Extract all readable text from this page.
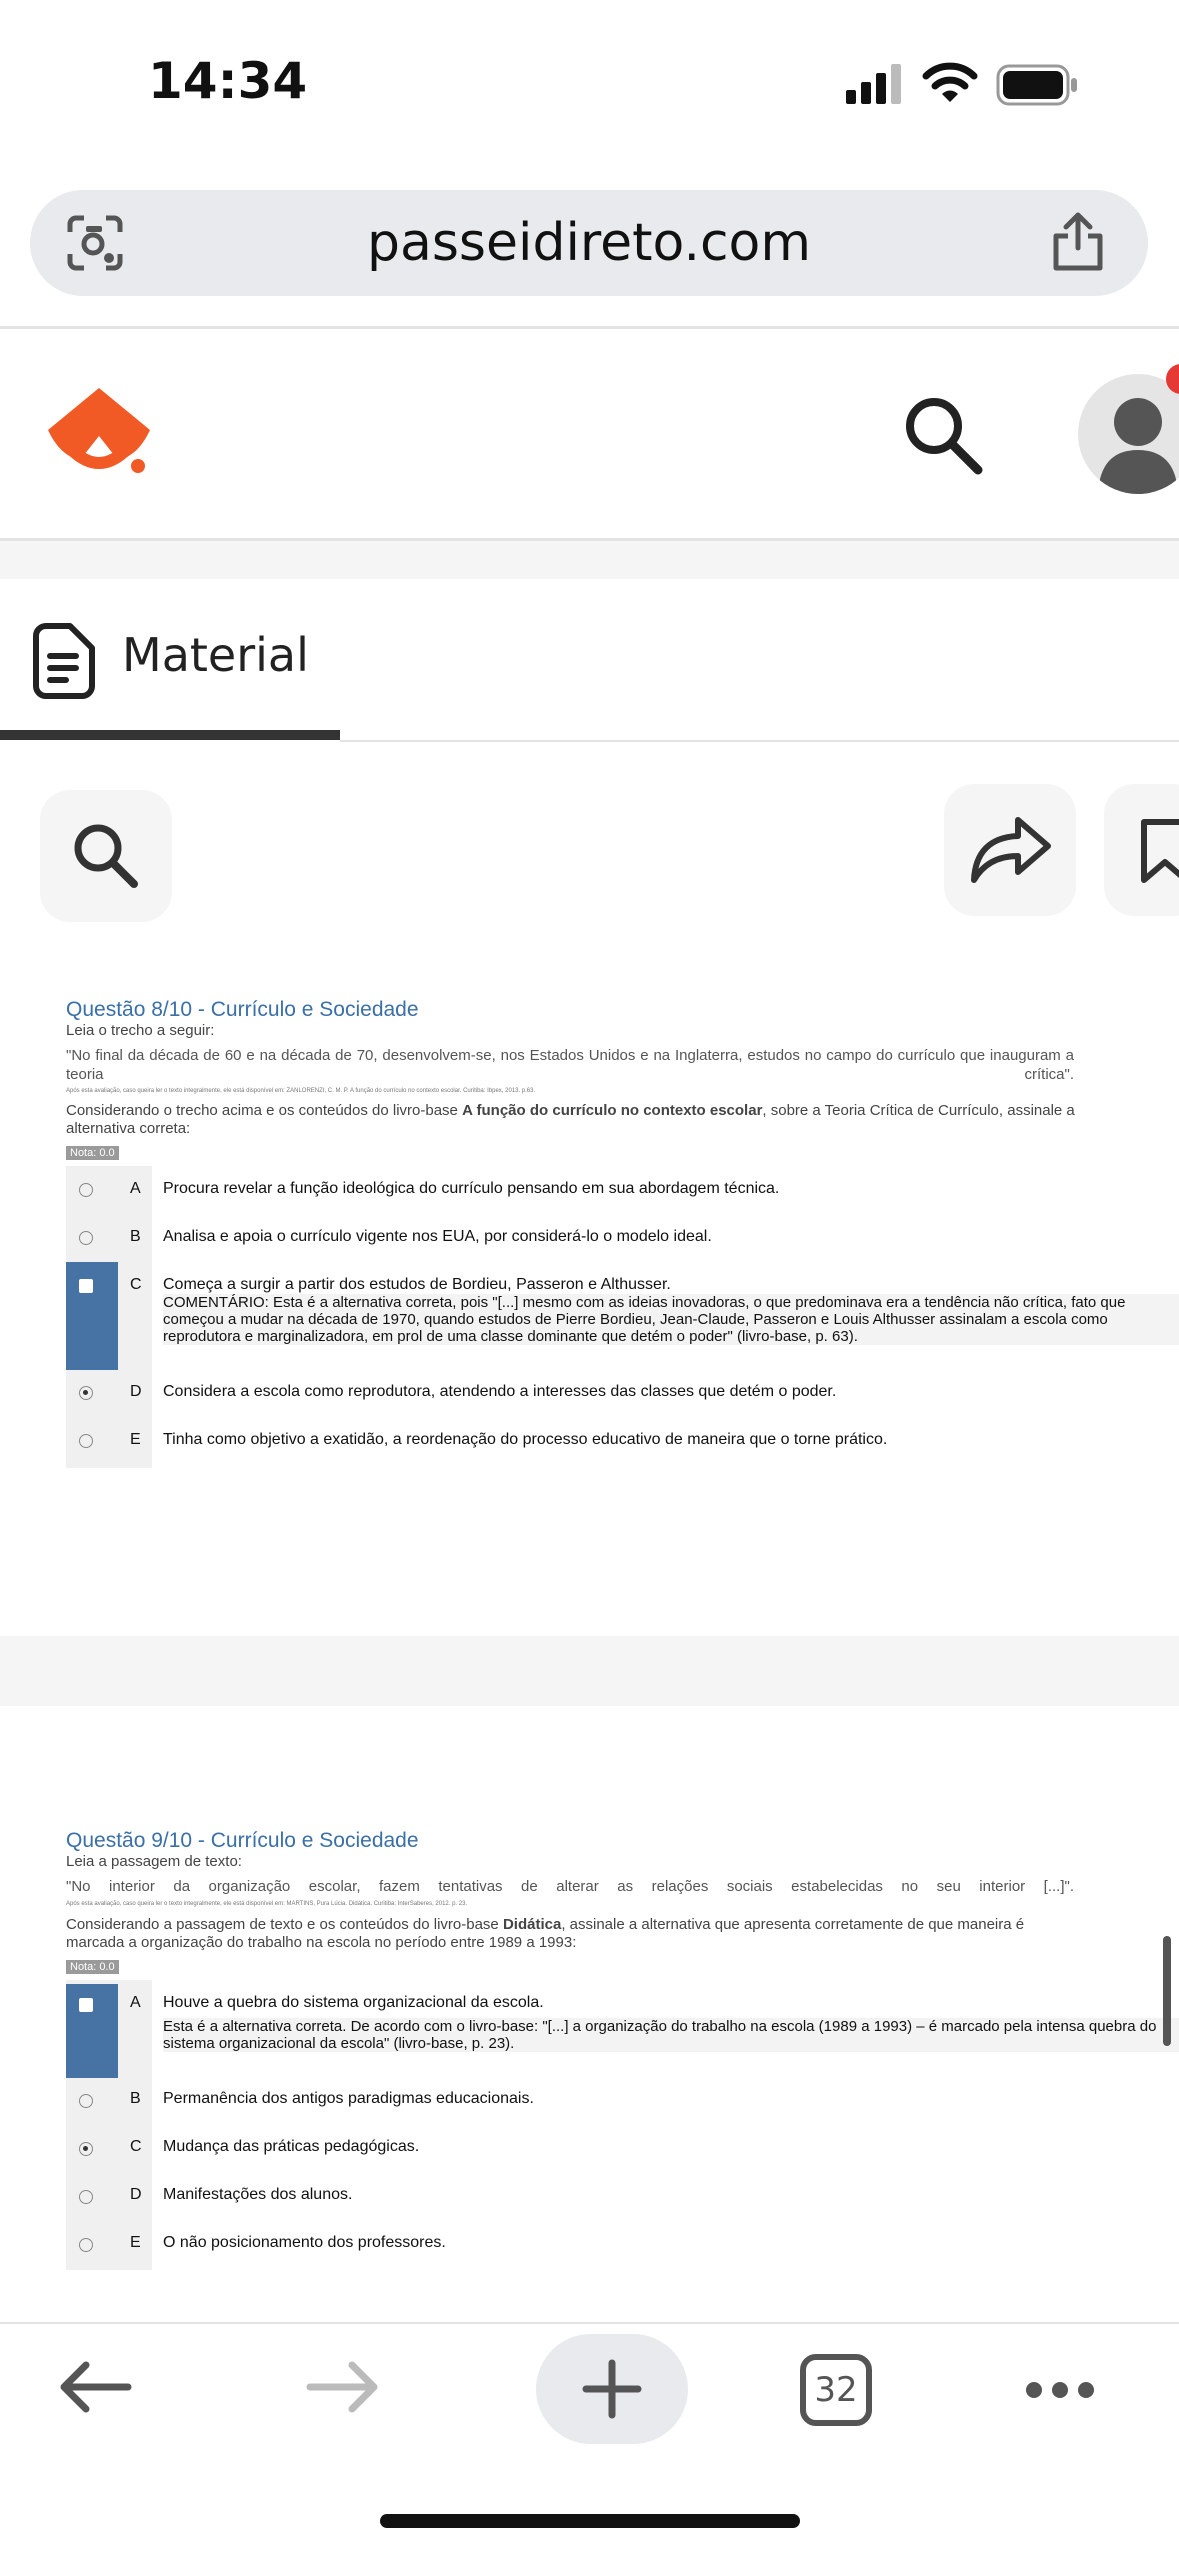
14:34
passeidireto.com
Material
Questão 8/10 - Currículo e Sociedade
Leia o trecho a seguir:
"No final da década de 60 e na década de 70, desenvolvem-se, nos Estados Unidos e na Inglaterra, estudos no campo do currículo que inauguram a teoria crítica".
Após esta avaliação, caso queira ler o texto integralmente, ele está disponível em: ZANLORENZI, C. M. P. A função do currículo no contexto escolar. Curitiba: Ibpex, 2013. p.63.
Considerando o trecho acima e os conteúdos do livro-base A função do currículo no contexto escolar, sobre a Teoria Crítica de Currículo, assinale a alternativa correta:
Nota: 0.0
A Procura revelar a função ideológica do currículo pensando em sua abordagem técnica.
B Analisa e apoia o currículo vigente nos EUA, por considerá-lo o modelo ideal.
C Começa a surgir a partir dos estudos de Bordieu, Passeron e Althusser.
COMENTÁRIO: Esta é a alternativa correta, pois "[...] mesmo com as ideias inovadoras, o que predominava era a tendência não crítica, fato que começou a mudar na década de 1970, quando estudos de Pierre Bordieu, Jean-Claude, Passeron e Louis Althusser assinalam a escola como reprodutora e marginalizadora, em prol de uma classe dominante que detém o poder" (livro-base, p. 63).
D Considera a escola como reprodutora, atendendo a interesses das classes que detém o poder.
E Tinha como objetivo a exatidão, a reordenação do processo educativo de maneira que o torne prático.
Questão 9/10 - Currículo e Sociedade
Leia a passagem de texto:
"No interior da organização escolar, fazem tentativas de alterar as relações sociais estabelecidas no seu interior [...]".
Após esta avaliação, caso queira ler o texto integralmente, ele está disponível em: MARTINS, Pura Lúcia. Didática. Curitiba: InterSaberes, 2012. p. 23.
Considerando a passagem de texto e os conteúdos do livro-base Didática, assinale a alternativa que apresenta corretamente de que maneira é marcada a organização do trabalho na escola no período entre 1989 a 1993:
Nota: 0.0
A Houve a quebra do sistema organizacional da escola.
Esta é a alternativa correta. De acordo com o livro-base: "[...] a organização do trabalho na escola (1989 a 1993) – é marcado pela intensa quebra do sistema organizacional da escola" (livro-base, p. 23).
B Permanência dos antigos paradigmas educacionais.
C Mudança das práticas pedagógicas.
D Manifestações dos alunos.
E O não posicionamento dos professores.
32
